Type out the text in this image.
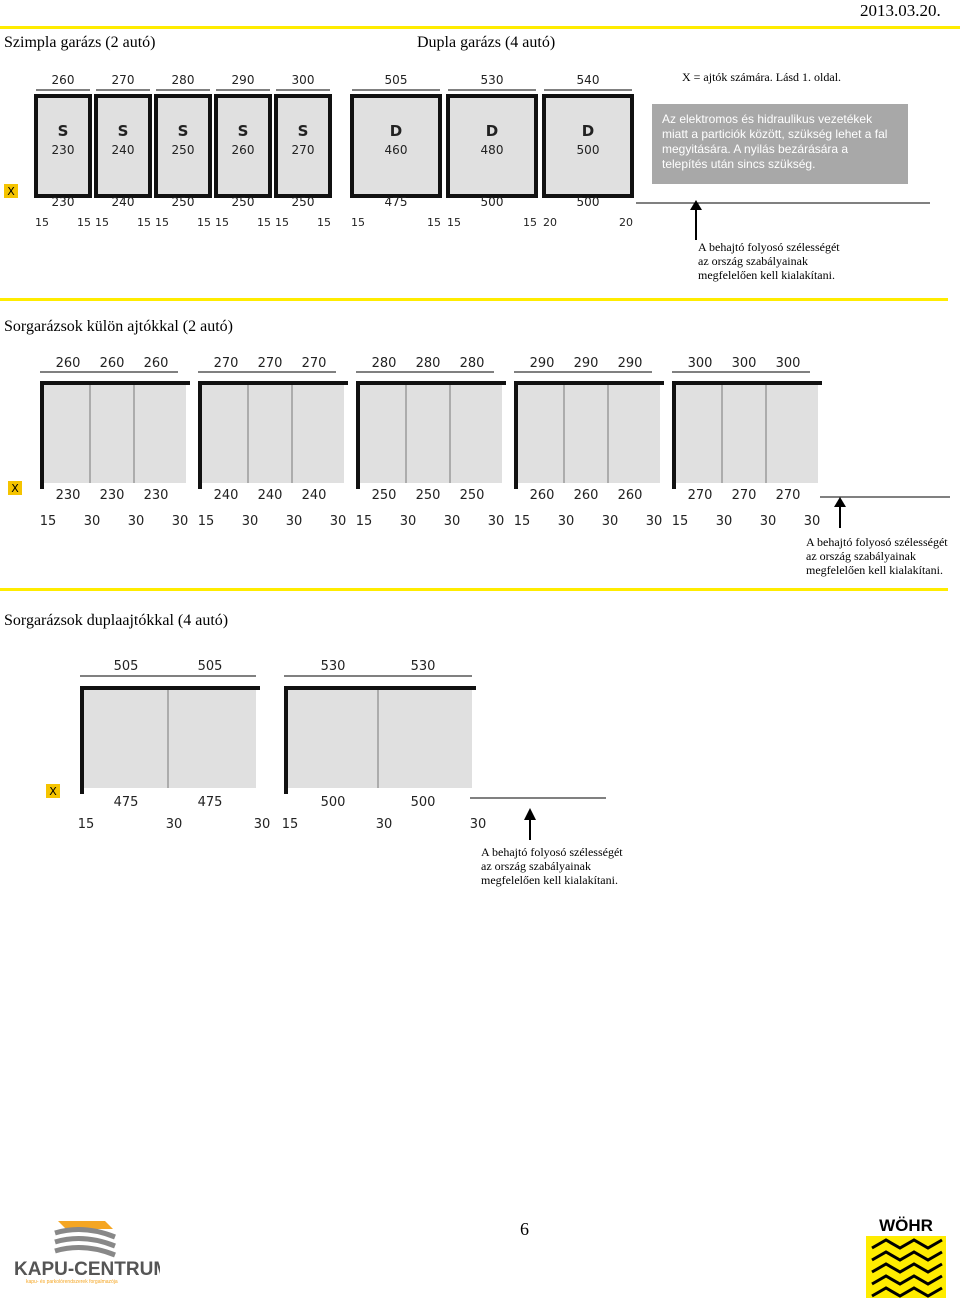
Szimpla garázs (2 autó)	Dupla garázs (4 autó)
2013.03.20.
X = ajtók számára. Lásd 1. oldal.
Az elektromos és hidraulikus vezetékek
miatt a particiók között, szükség lehet a fal
megyitására. A nyilás bezárására a
telepítés után sincs szükség.
260
S
230
230
15	15
270
S
240
240
15	15
280
S
250
250
15	15
290
S
260
250
15	15
300
S
270
250
15	15
505
D
460
475
15	15
530
D
480
500
15	15
540
D
500
500
20	20
X
A behajtó folyosó szélességét
az ország szabályainak
megfelelően kell kialakítani.
Sorgarázsok külön ajtókkal (2 autó)
260
230
260
230
260
230
15 30 30 30
270
240
270
240
270
240
15 30 30 30
280
250
280
250
280
250
15 30 30 30
290
260
290
260
290
260
15 30 30 30
300
270
300
270
300
270
15 30 30 30
X
A behajtó folyosó szélességét
az ország szabályainak
megfelelően kell kialakítani.
Sorgarázsok duplaajtókkal (4 autó)
505
475
505
475
15	30	30
530
500
530
500
15	30	30
X
A behajtó folyosó szélességét
az ország szabályainak
megfelelően kell kialakítani.
6
KAPU-CENTRUM
kapu- és parkolórendszerek forgalmazója
WÖHR
